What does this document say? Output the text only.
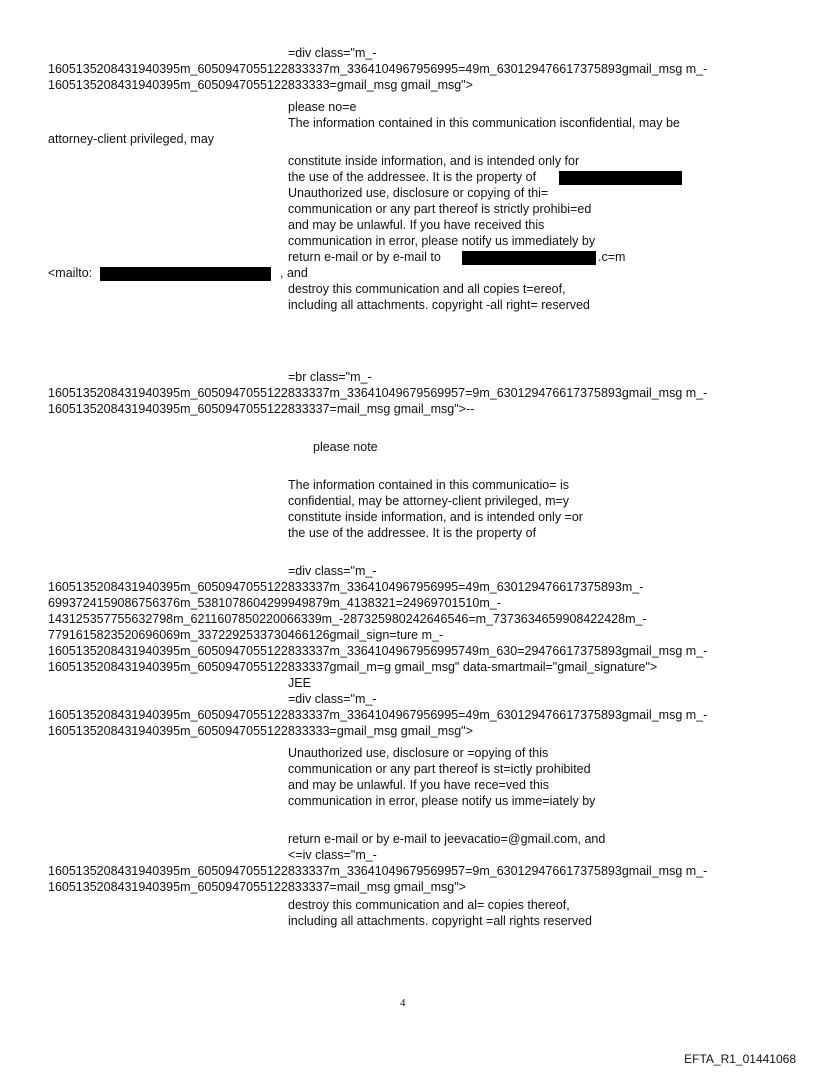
=div class="m_-
1605135208431940395m_6050947055122833337m_3364104967956995=49m_630129476617375893gmail_msg m_-
1605135208431940395m_6050947055122833333=gmail_msg gmail_msg">
please no=e
The information contained in this communication isconfidential, may be
attorney-client privileged, may
constitute inside information, and is intended only for
the use of the addressee. It is the property of
Unauthorized use, disclosure or copying of thi=
communication or any part thereof is strictly prohibi=ed
and may be unlawful. If you have received this
communication in error, please notify us immediately by
return e-mail or by e-mail to	.c=m
<mailto:	, and
destroy this communication and all copies t=ereof,
including all attachments. copyright -all right= reserved
=br class="m_-
1605135208431940395m_6050947055122833337m_33641049679569957=9m_630129476617375893gmail_msg m_-
1605135208431940395m_6050947055122833337=mail_msg gmail_msg">--
please note
The information contained in this communicatio= is
confidential, may be attorney-client privileged, m=y
constitute inside information, and is intended only =or
the use of the addressee. It is the property of
=div class="m_-
1605135208431940395m_6050947055122833337m_3364104967956995=49m_630129476617375893m_-
6993724159086756376m_5381078604299949879m_4138321=24969701510m_-
143125357755632798m_6211607850220066339m_-287325980242646546=m_7373634659908422428m_-
7791615823520696069m_3372292533730466126gmail_sign=ture m_-
1605135208431940395m_6050947055122833337m_3364104967956995749m_630=29476617375893gmail_msg m_-
1605135208431940395m_6050947055122833337gmail_m=g gmail_msg" data-smartmail="gmail_signature">
JEE
=div class="m_-
1605135208431940395m_6050947055122833337m_3364104967956995=49m_630129476617375893gmail_msg m_-
1605135208431940395m_6050947055122833333=gmail_msg gmail_msg">
Unauthorized use, disclosure or =opying of this
communication or any part thereof is st=ictly prohibited
and may be unlawful. If you have rece=ved this
communication in error, please notify us imme=iately by
return e-mail or by e-mail to jeevacatio=@gmail.com, and
<=iv class="m_-
1605135208431940395m_6050947055122833337m_33641049679569957=9m_630129476617375893gmail_msg m_-
1605135208431940395m_6050947055122833337=mail_msg gmail_msg">
destroy this communication and al= copies thereof,
including all attachments. copyright =all rights reserved
4
EFTA_R1_01441068
